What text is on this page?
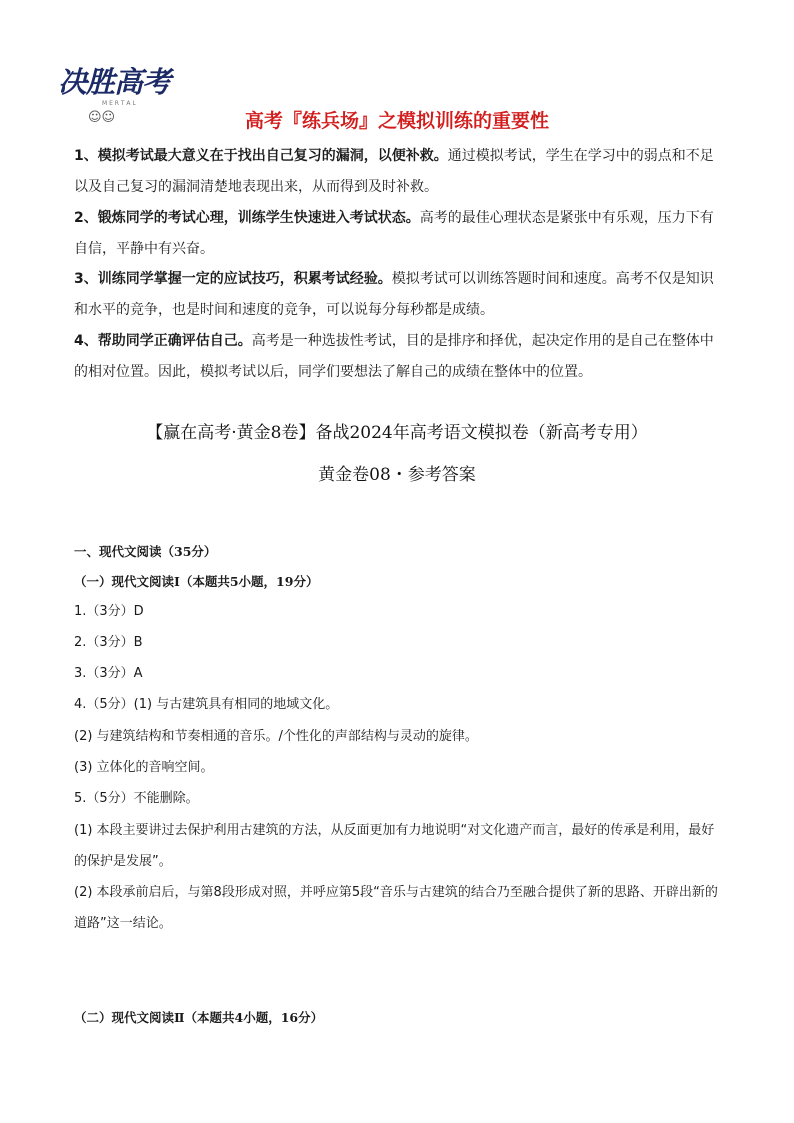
决胜高考
M E R T A L
☺☺	高考『练兵场』之模拟训练的重要性

1、模拟考试最大意义在于找出自己复习的漏洞，以便补救。通过模拟考试，学生在学习中的弱点和不足以及自己复习的漏洞清楚地表现出来，从而得到及时补救。

2、锻炼同学的考试心理，训练学生快速进入考试状态。高考的最佳心理状态是紧张中有乐观，压力下有自信，平静中有兴奋。

3、训练同学掌握一定的应试技巧，积累考试经验。模拟考试可以训练答题时间和速度。高考不仅是知识和水平的竞争，也是时间和速度的竞争，可以说每分每秒都是成绩。

4、帮助同学正确评估自己。高考是一种选拔性考试，目的是排序和择优，起决定作用的是自己在整体中的相对位置。因此，模拟考试以后，同学们要想法了解自己的成绩在整体中的位置。

【赢在高考·黄金8卷】备战2024年高考语文模拟卷（新高考专用）
黄金卷08・参考答案
一、现代文阅读（35分）
（一）现代文阅读Ⅰ（本题共5小题，19分）
1.（3分）D
2.（3分）B
3.（3分）A
4.（5分）(1) 与古建筑具有相同的地域文化。
(2) 与建筑结构和节奏相通的音乐。/个性化的声部结构与灵动的旋律。
(3) 立体化的音响空间。
5.（5分）不能删除。
(1) 本段主要讲过去保护利用古建筑的方法，从反面更加有力地说明“对文化遗产而言，最好的传承是利用，最好的保护是发展”。
(2) 本段承前启后，与第8段形成对照，并呼应第5段“音乐与古建筑的结合乃至融合提供了新的思路、开辟出新的道路”这一结论。
（二）现代文阅读Ⅱ（本题共4小题，16分）
